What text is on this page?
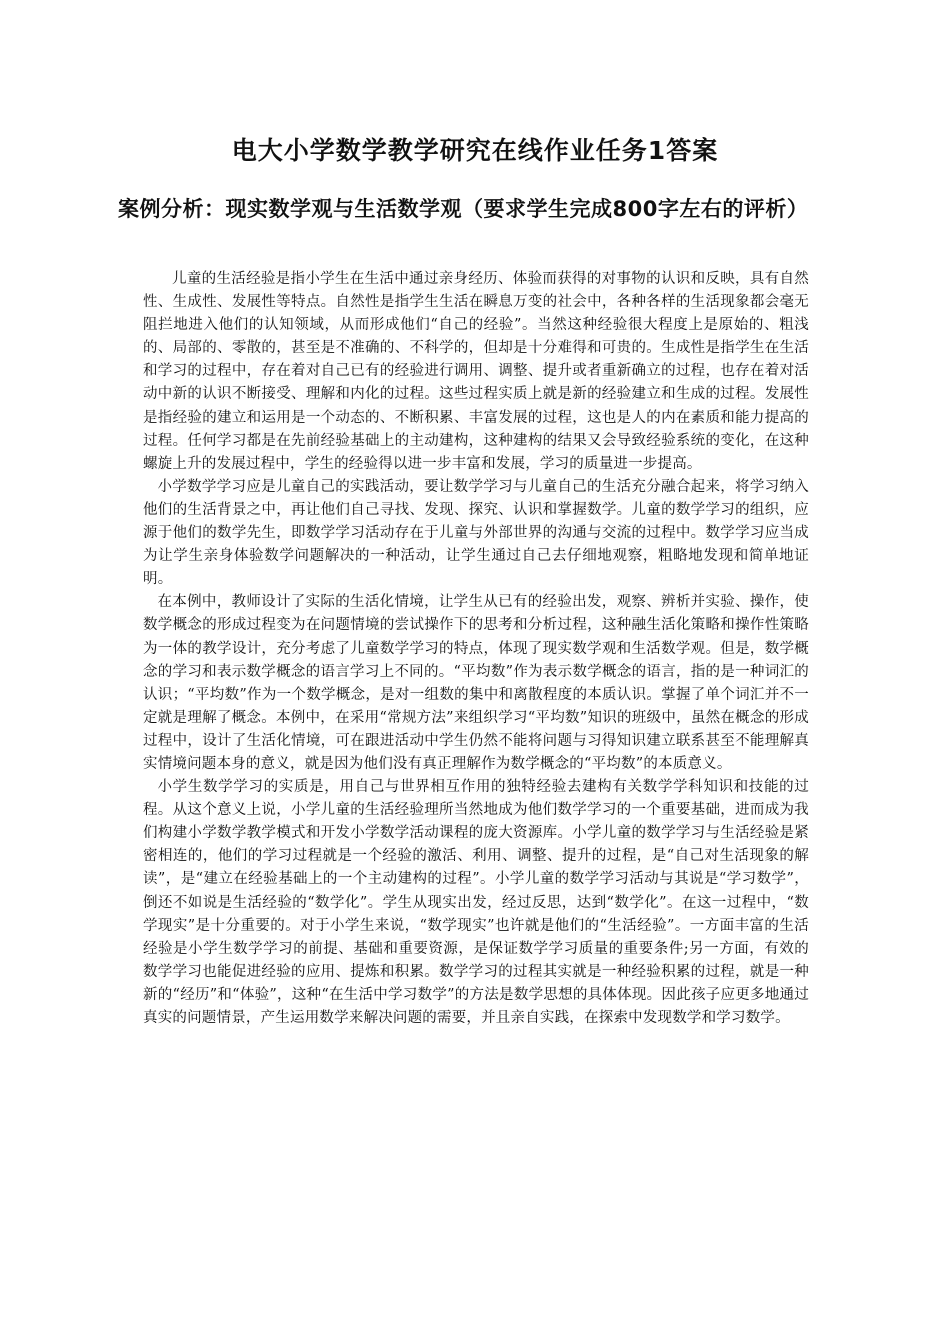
电大小学数学教学研究在线作业任务1答案
案例分析：现实数学观与生活数学观（要求学生完成800字左右的评析）

儿童的生活经验是指小学生在生活中通过亲身经历、体验而获得的对事物的认识和反映，具有自然性、生成性、发展性等特点。自然性是指学生生活在瞬息万变的社会中，各种各样的生活现象都会毫无阻拦地进入他们的认知领域，从而形成他们“自己的经验”。当然这种经验很大程度上是原始的、粗浅的、局部的、零散的，甚至是不准确的、不科学的，但却是十分难得和可贵的。生成性是指学生在生活和学习的过程中，存在着对自己已有的经验进行调用、调整、提升或者重新确立的过程，也存在着对活动中新的认识不断接受、理解和内化的过程。这些过程实质上就是新的经验建立和生成的过程。发展性是指经验的建立和运用是一个动态的、不断积累、丰富发展的过程，这也是人的内在素质和能力提高的过程。任何学习都是在先前经验基础上的主动建构，这种建构的结果又会导致经验系统的变化，在这种螺旋上升的发展过程中，学生的经验得以进一步丰富和发展，学习的质量进一步提高。

小学数学学习应是儿童自己的实践活动，要让数学学习与儿童自己的生活充分融合起来，将学习纳入他们的生活背景之中，再让他们自己寻找、发现、探究、认识和掌握数学。儿童的数学学习的组织，应源于他们的数学先生，即数学学习活动存在于儿童与外部世界的沟通与交流的过程中。数学学习应当成为让学生亲身体验数学问题解决的一种活动，让学生通过自己去仔细地观察，粗略地发现和简单地证明。

在本例中，教师设计了实际的生活化情境，让学生从已有的经验出发，观察、辨析并实验、操作，使数学概念的形成过程变为在问题情境的尝试操作下的思考和分析过程，这种融生活化策略和操作性策略为一体的教学设计，充分考虑了儿童数学学习的特点，体现了现实数学观和生活数学观。但是，数学概念的学习和表示数学概念的语言学习上不同的。“平均数”作为表示数学概念的语言，指的是一种词汇的认识；“平均数”作为一个数学概念，是对一组数的集中和离散程度的本质认识。掌握了单个词汇并不一定就是理解了概念。本例中，在采用“常规方法”来组织学习“平均数”知识的班级中，虽然在概念的形成过程中，设计了生活化情境，可在跟进活动中学生仍然不能将问题与习得知识建立联系甚至不能理解真实情境问题本身的意义，就是因为他们没有真正理解作为数学概念的“平均数”的本质意义。

小学生数学学习的实质是，用自己与世界相互作用的独特经验去建构有关数学学科知识和技能的过程。从这个意义上说，小学儿童的生活经验理所当然地成为他们数学学习的一个重要基础，进而成为我们构建小学数学教学模式和开发小学数学活动课程的庞大资源库。小学儿童的数学学习与生活经验是紧密相连的，他们的学习过程就是一个经验的激活、利用、调整、提升的过程，是“自己对生活现象的解读”，是“建立在经验基础上的一个主动建构的过程”。小学儿童的数学学习活动与其说是“学习数学”，倒还不如说是生活经验的“数学化”。学生从现实出发，经过反思，达到“数学化”。在这一过程中，“数学现实”是十分重要的。对于小学生来说，“数学现实”也许就是他们的“生活经验”。一方面丰富的生活经验是小学生数学学习的前提、基础和重要资源，是保证数学学习质量的重要条件;另一方面，有效的数学学习也能促进经验的应用、提炼和积累。数学学习的过程其实就是一种经验积累的过程，就是一种新的“经历”和“体验”，这种“在生活中学习数学”的方法是数学思想的具体体现。因此孩子应更多地通过真实的问题情景，产生运用数学来解决问题的需要，并且亲自实践，在探索中发现数学和学习数学。
